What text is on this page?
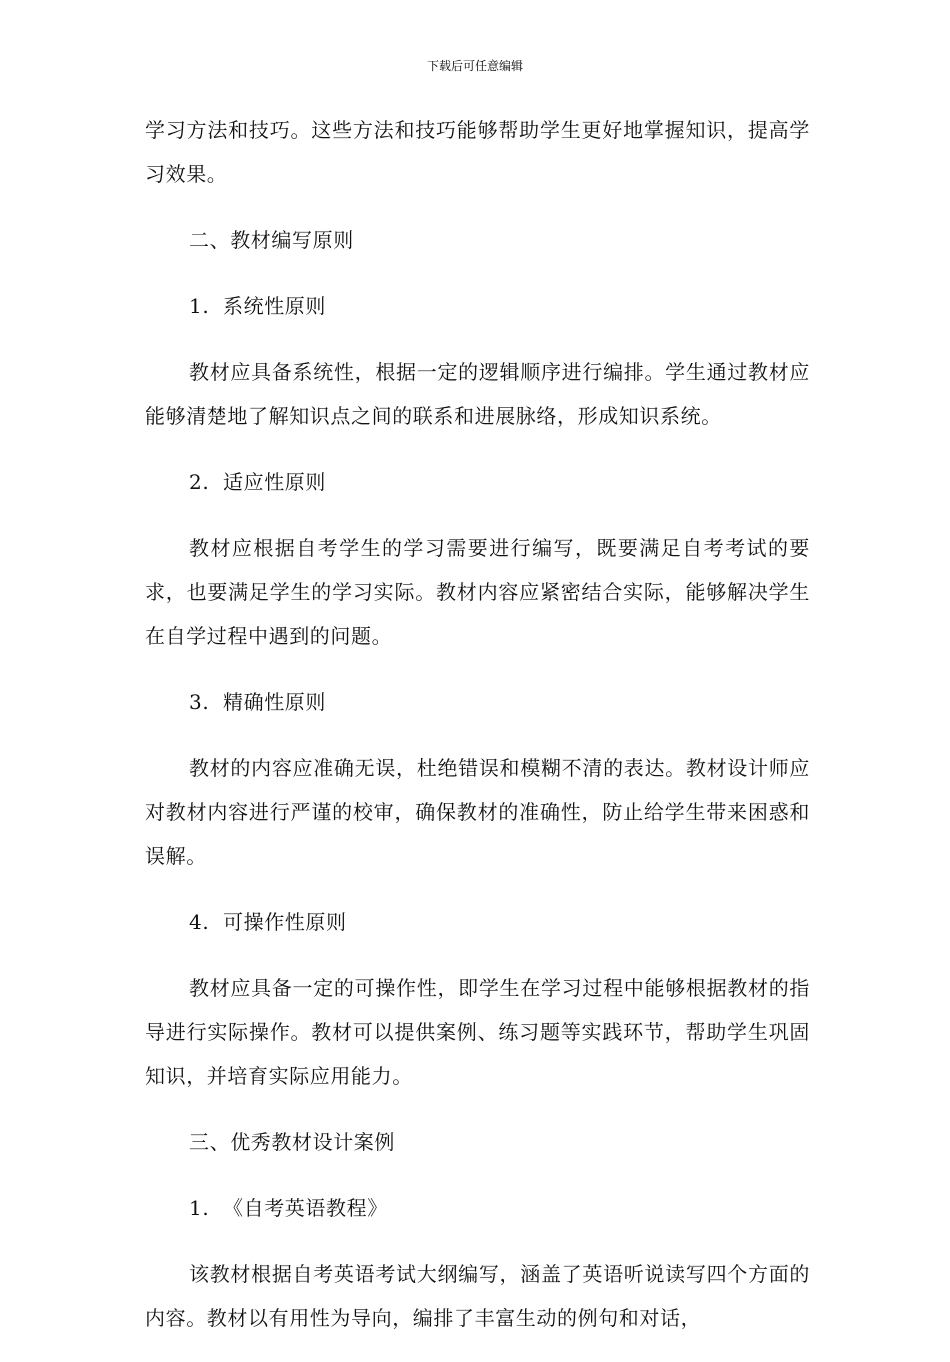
下载后可任意编辑

学习方法和技巧。这些方法和技巧能够帮助学生更好地掌握知识，提高学习效果。

二、教材编写原则
1. 系统性原则

教材应具备系统性，根据一定的逻辑顺序进行编排。学生通过教材应能够清楚地了解知识点之间的联系和进展脉络，形成知识系统。

2. 适应性原则

教材应根据自考学生的学习需要进行编写，既要满足自考考试的要求，也要满足学生的学习实际。教材内容应紧密结合实际，能够解决学生在自学过程中遇到的问题。

3. 精确性原则

教材的内容应准确无误，杜绝错误和模糊不清的表达。教材设计师应对教材内容进行严谨的校审，确保教材的准确性，防止给学生带来困惑和误解。

4. 可操作性原则

教材应具备一定的可操作性，即学生在学习过程中能够根据教材的指导进行实际操作。教材可以提供案例、练习题等实践环节，帮助学生巩固知识，并培育实际应用能力。

三、优秀教材设计案例
1. 《自考英语教程》

该教材根据自考英语考试大纲编写，涵盖了英语听说读写四个方面的内容。教材以有用性为导向，编排了丰富生动的例句和对话，
